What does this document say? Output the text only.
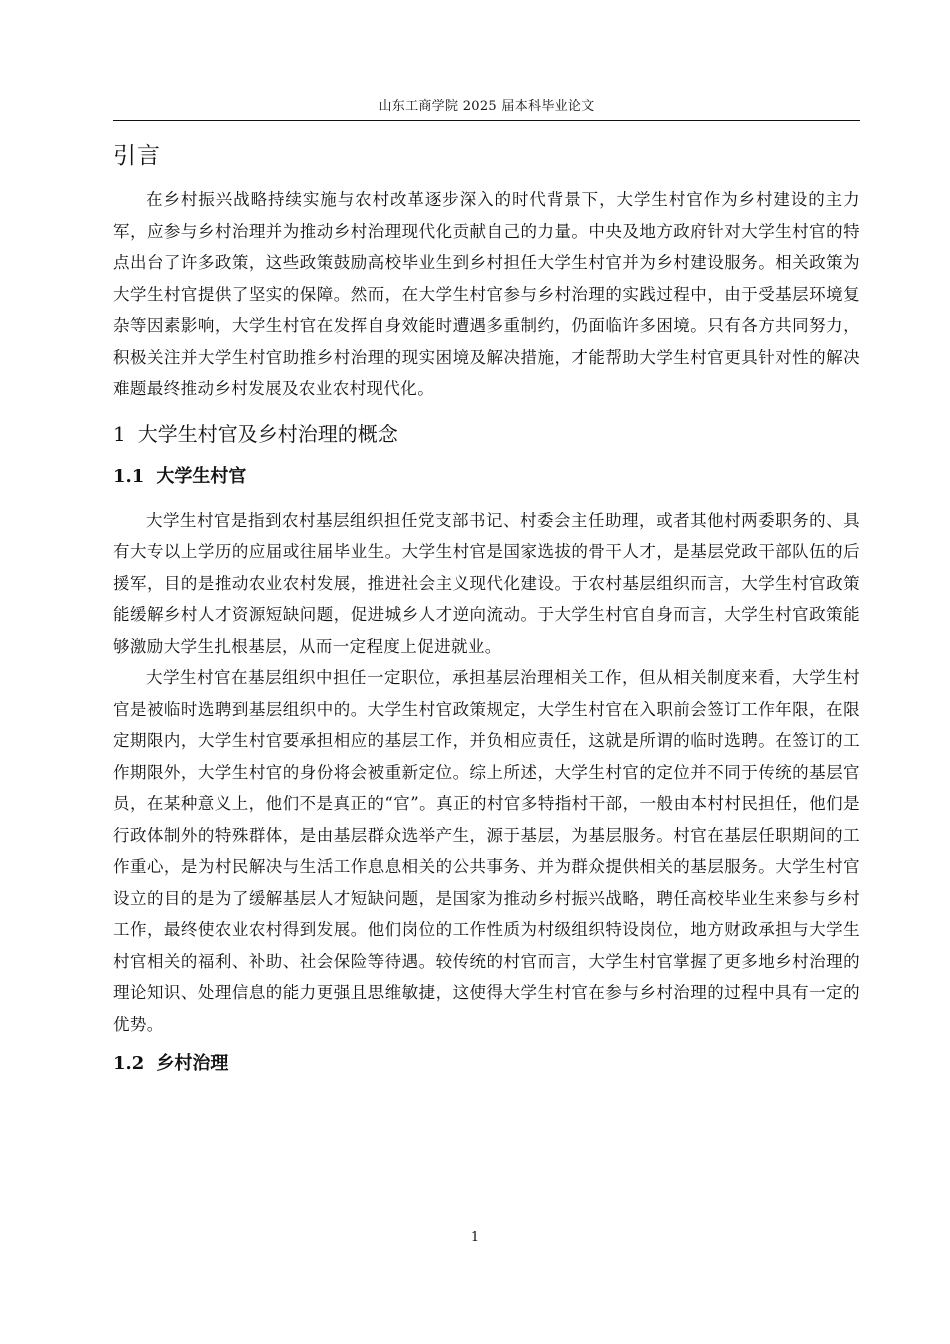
山东工商学院 2025 届本科毕业论文
引言

在乡村振兴战略持续实施与农村改革逐步深入的时代背景下，大学生村官作为乡村建设的主力军，应参与乡村治理并为推动乡村治理现代化贡献自己的力量。中央及地方政府针对大学生村官的特点出台了许多政策，这些政策鼓励高校毕业生到乡村担任大学生村官并为乡村建设服务。相关政策为大学生村官提供了坚实的保障。然而，在大学生村官参与乡村治理的实践过程中，由于受基层环境复杂等因素影响，大学生村官在发挥自身效能时遭遇多重制约，仍面临许多困境。只有各方共同努力，积极关注并大学生村官助推乡村治理的现实困境及解决措施，才能帮助大学生村官更具针对性的解决难题最终推动乡村发展及农业农村现代化。

1 大学生村官及乡村治理的概念
1.1 大学生村官

大学生村官是指到农村基层组织担任党支部书记、村委会主任助理，或者其他村两委职务的、具有大专以上学历的应届或往届毕业生。大学生村官是国家选拔的骨干人才，是基层党政干部队伍的后援军，目的是推动农业农村发展，推进社会主义现代化建设。于农村基层组织而言，大学生村官政策能缓解乡村人才资源短缺问题，促进城乡人才逆向流动。于大学生村官自身而言，大学生村官政策能够激励大学生扎根基层，从而一定程度上促进就业。

大学生村官在基层组织中担任一定职位，承担基层治理相关工作，但从相关制度来看，大学生村官是被临时选聘到基层组织中的。大学生村官政策规定，大学生村官在入职前会签订工作年限，在限定期限内，大学生村官要承担相应的基层工作，并负相应责任，这就是所谓的临时选聘。在签订的工作期限外，大学生村官的身份将会被重新定位。综上所述，大学生村官的定位并不同于传统的基层官员，在某种意义上，他们不是真正的“官”。真正的村官多特指村干部，一般由本村村民担任，他们是行政体制外的特殊群体，是由基层群众选举产生，源于基层，为基层服务。村官在基层任职期间的工作重心，是为村民解决与生活工作息息相关的公共事务、并为群众提供相关的基层服务。大学生村官设立的目的是为了缓解基层人才短缺问题，是国家为推动乡村振兴战略，聘任高校毕业生来参与乡村工作，最终使农业农村得到发展。他们岗位的工作性质为村级组织特设岗位，地方财政承担与大学生村官相关的福利、补助、社会保险等待遇。较传统的村官而言，大学生村官掌握了更多地乡村治理的理论知识、处理信息的能力更强且思维敏捷，这使得大学生村官在参与乡村治理的过程中具有一定的优势。

1.2 乡村治理
1
